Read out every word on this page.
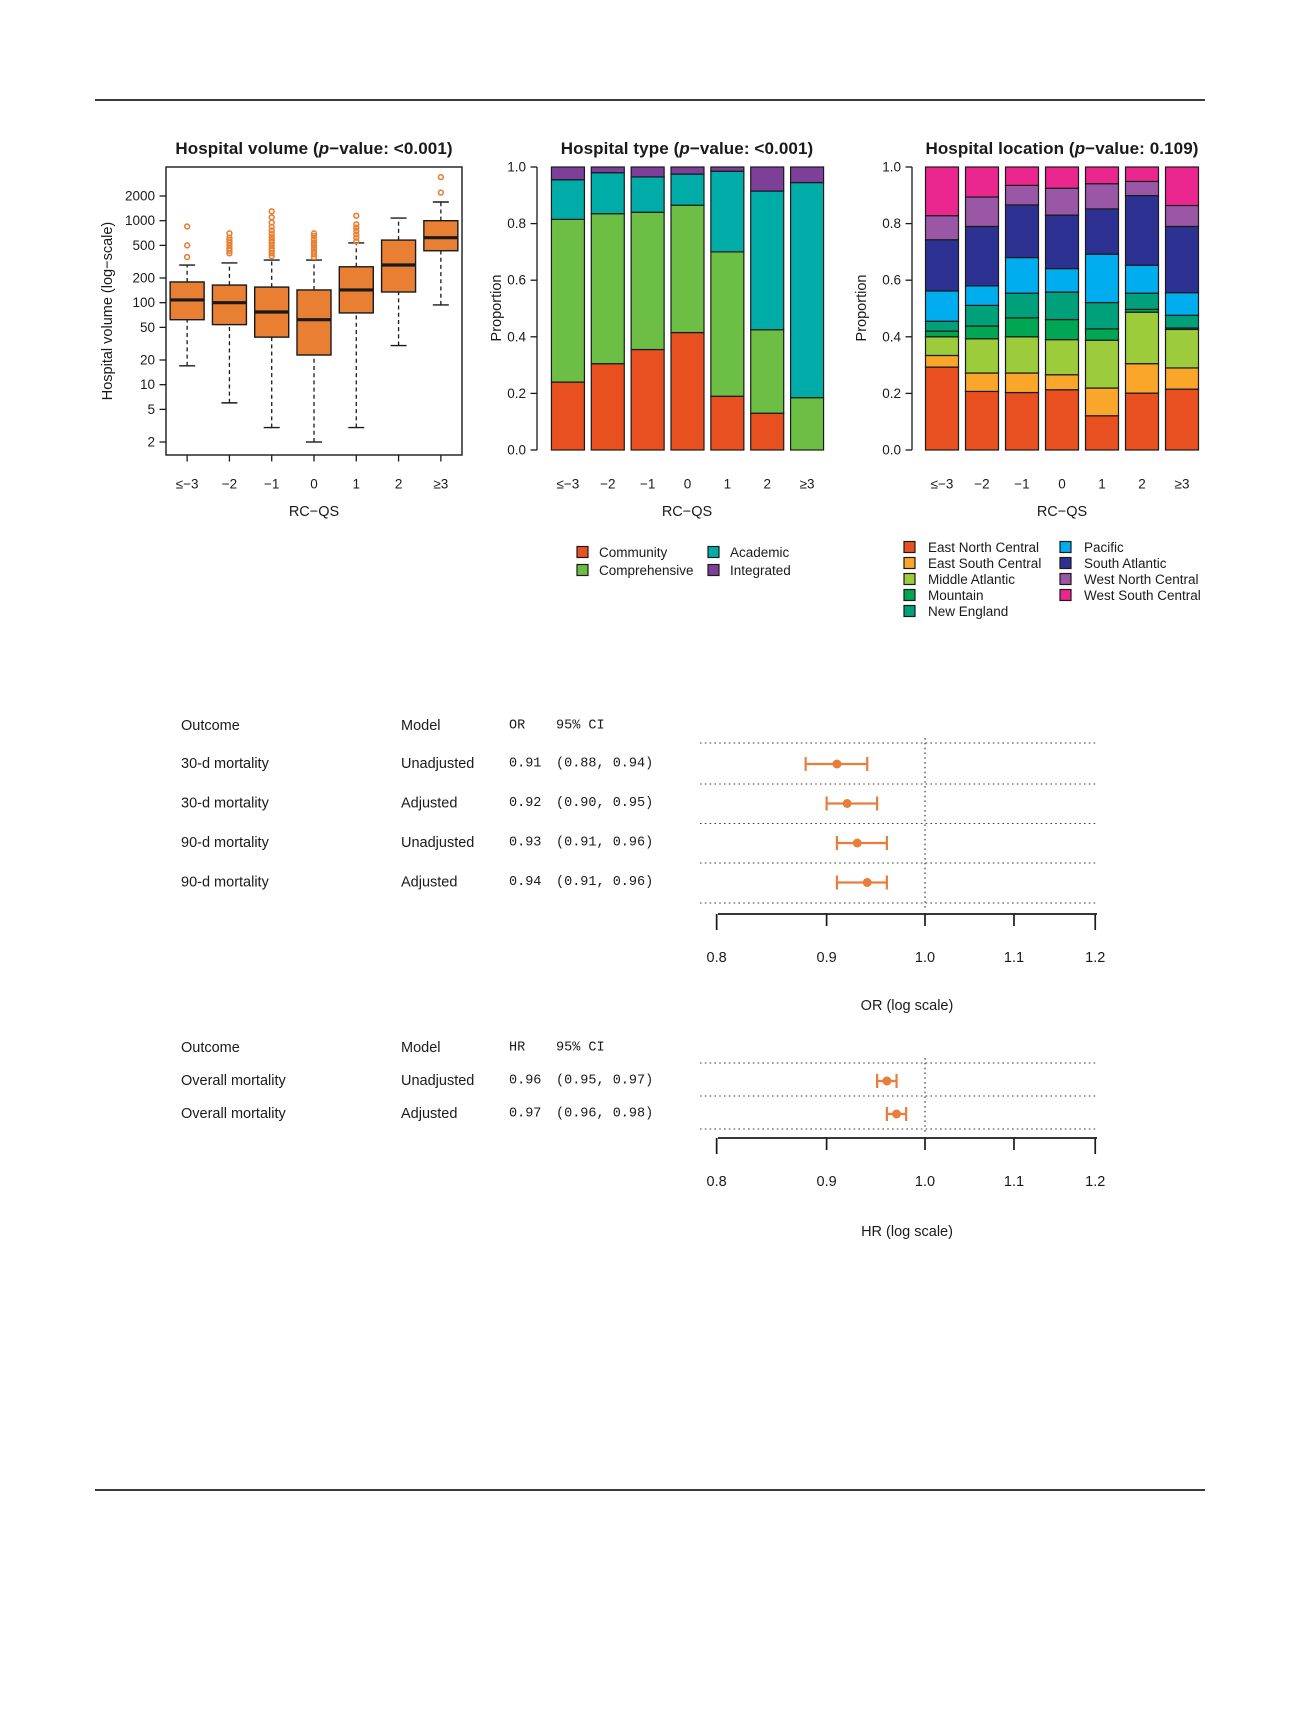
2
5
10
20
50
100
200
500
1000
2000
≤−3 −2 −1 0	1	2 ≥3
0.0
0.2
0.4
0.6
0.8
1.0
≤−3 −2 −1 0 1 2 ≥3
Community
Comprehensive
Academic
Integrated
0.0
0.2
0.4
0.6
0.8
1.0
≤−3 −2 −1 0 1 2 ≥3
East North Central
East South Central
Middle Atlantic
Mountain
New England
Pacific
South Atlantic
West North Central
West South Central
Outcome	Model	OR 95% CI
30-d mortality	Unadjusted	0.91 (0.88, 0.94)
30-d mortality	Adjusted	0.92 (0.90, 0.95)
90-d mortality	Unadjusted	0.93 (0.91, 0.96)
90-d mortality	Adjusted	0.94 (0.91, 0.96)
0.8	0.9	1.0	1.1	1.2
Outcome	Model	HR 95% CI
Overall mortality	Unadjusted	0.96 (0.95, 0.97)
Overall mortality	Adjusted	0.97 (0.96, 0.98)
0.8	0.9	1.0	1.1	1.2
Hospital volume (p−value: <0.001)	Hospital type (p−value: <0.001)	Hospital location (p−value: 0.109)
Hospital volume (log−scale)	Proportion	Proportion
RC−QS	RC−QS	RC−QS
OR (log scale)
HR (log scale)
